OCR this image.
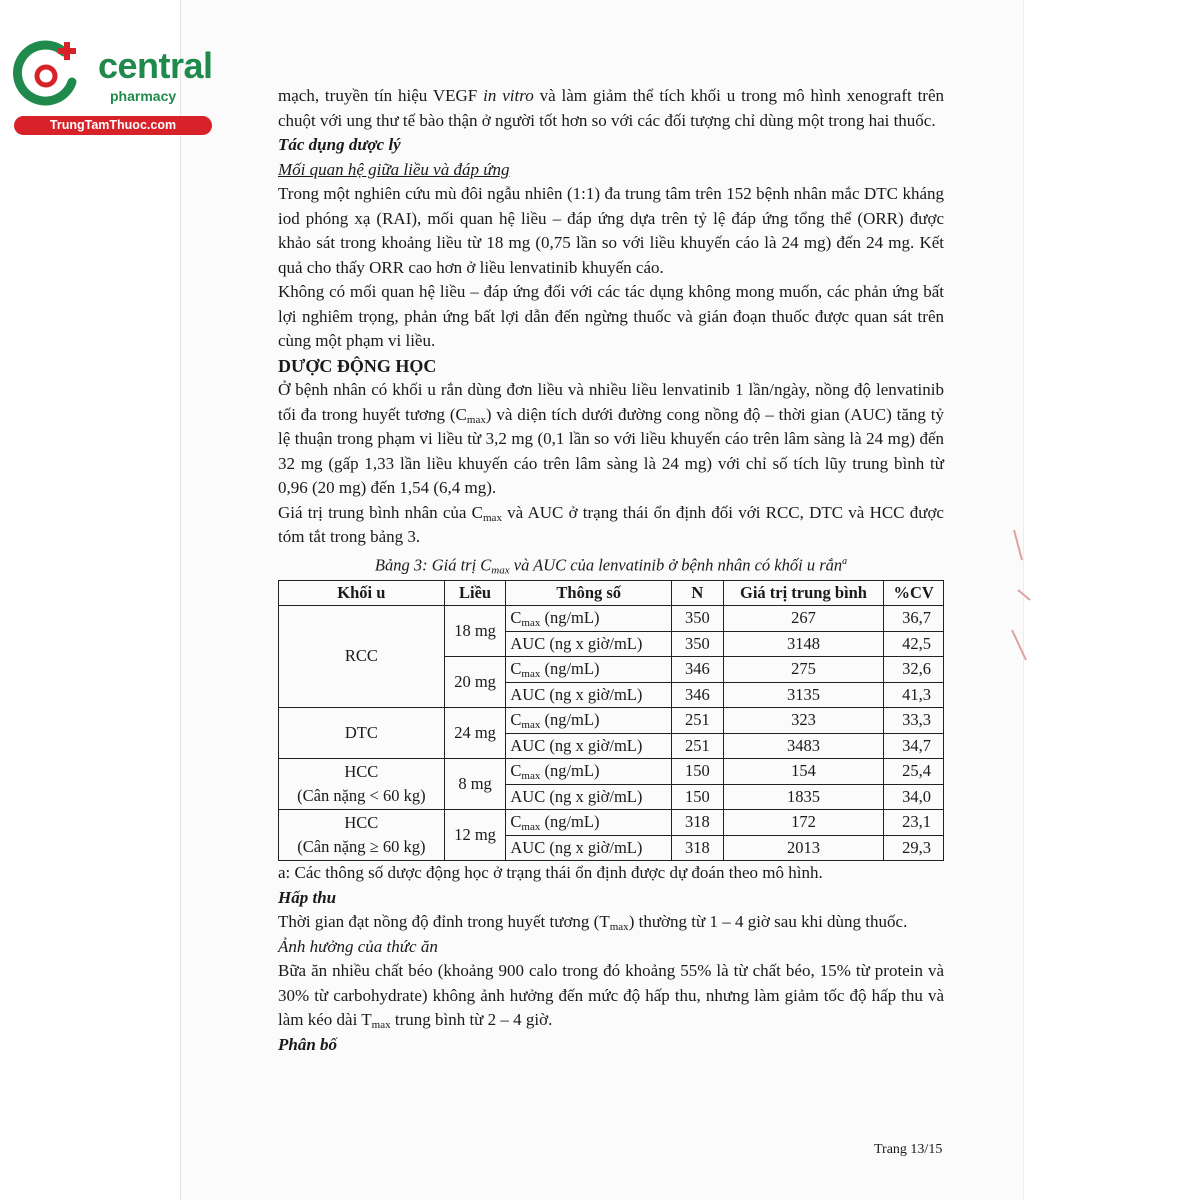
central
pharmacy
TrungTamThuoc.com

mạch, truyền tín hiệu VEGF in vitro và làm giảm thể tích khối u trong mô hình xenograft trên chuột với ung thư tế bào thận ở người tốt hơn so với các đối tượng chỉ dùng một trong hai thuốc.

Tác dụng dược lý

Mối quan hệ giữa liều và đáp ứng

Trong một nghiên cứu mù đôi ngẫu nhiên (1:1) đa trung tâm trên 152 bệnh nhân mắc DTC kháng iod phóng xạ (RAI), mối quan hệ liều – đáp ứng dựa trên tỷ lệ đáp ứng tổng thể (ORR) được khảo sát trong khoảng liều từ 18 mg (0,75 lần so với liều khuyến cáo là 24 mg) đến 24 mg. Kết quả cho thấy ORR cao hơn ở liều lenvatinib khuyến cáo.

Không có mối quan hệ liều – đáp ứng đối với các tác dụng không mong muốn, các phản ứng bất lợi nghiêm trọng, phản ứng bất lợi dẫn đến ngừng thuốc và gián đoạn thuốc được quan sát trên cùng một phạm vi liều.

DƯỢC ĐỘNG HỌC

Ở bệnh nhân có khối u rắn dùng đơn liều và nhiều liều lenvatinib 1 lần/ngày, nồng độ lenvatinib tối đa trong huyết tương $(C_{max})$ và diện tích dưới đường cong nồng độ – thời gian (AUC) tăng tỷ lệ thuận trong phạm vi liều từ 3,2 mg (0,1 lần so với liều khuyến cáo trên lâm sàng là 24 mg) đến 32 mg (gấp 1,33 lần liều khuyến cáo trên lâm sàng là 24 mg) với chỉ số tích lũy trung bình từ 0,96 (20 mg) đến 1,54 (6,4 mg).

Giá trị trung bình nhân của $C_{max}$ và AUC ở trạng thái ổn định đối với RCC, DTC và HCC được tóm tắt trong bảng 3.

Bảng 3: Giá trị $C_{max}$ và AUC của lenvatinib ở bệnh nhân có khối u rắn$^a$
Khối u	Liều	Thông số	N	Giá trị trung bình	%CV
RCC	18 mg	$C_{max}$ (ng/mL)	350	267	36,7
		AUC (ng x giờ/mL)	350	3148	42,5
	20 mg	$C_{max}$ (ng/mL)	346	275	32,6
		AUC (ng x giờ/mL)	346	3135	41,3
DTC	24 mg	$C_{max}$ (ng/mL)	251	323	33,3
		AUC (ng x giờ/mL)	251	3483	34,7

HCC
(Cân nặng < 60 kg)	8 mg	$C_{max}$ (ng/mL)	150	154	25,4
		AUC (ng x giờ/mL)	150	1835	34,0

HCC
(Cân nặng ≥ 60 kg)	12 mg	$C_{max}$ (ng/mL)	318	172	23,1
		AUC (ng x giờ/mL)	318	2013	29,3

a: Các thông số dược động học ở trạng thái ổn định được dự đoán theo mô hình.

Hấp thu

Thời gian đạt nồng độ đỉnh trong huyết tương $(T_{max})$ thường từ 1 – 4 giờ sau khi dùng thuốc.

Ảnh hưởng của thức ăn

Bữa ăn nhiều chất béo (khoảng 900 calo trong đó khoảng 55% là từ chất béo, 15% từ protein và 30% từ carbohydrate) không ảnh hưởng đến mức độ hấp thu, nhưng làm giảm tốc độ hấp thu và làm kéo dài $T_{max}$ trung bình từ 2 – 4 giờ.

Phân bố

Trang 13/15
